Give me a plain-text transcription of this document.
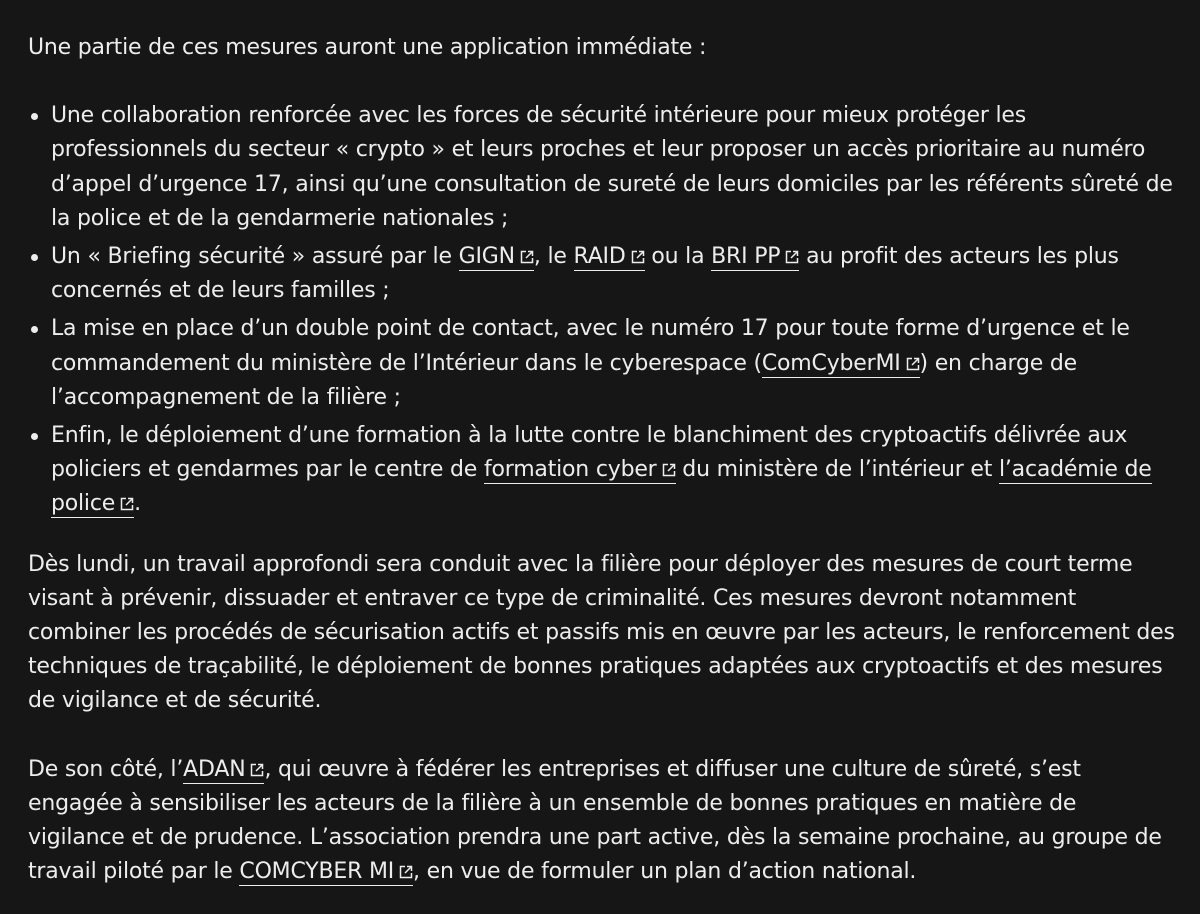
Une partie de ces mesures auront une application immédiate :

Une collaboration renforcée avec les forces de sécurité intérieure pour mieux protéger les professionnels du secteur « crypto » et leurs proches et leur proposer un accès prioritaire au numéro d’appel d’urgence 17, ainsi qu’une consultation de sureté de leurs domiciles par les référents sûreté de la police et de la gendarmerie nationales ;
Un « Briefing sécurité » assuré par le GIGN , le RAID
ou la BRI PP
au profit des acteurs les plus concernés et de leurs familles ;
La mise en place d’un double point de contact, avec le numéro 17 pour toute forme d’urgence et le commandement du ministère de l’Intérieur dans le cyberespace (ComCyberMI ) en charge de l’accompagnement de la filière ;
Enfin, le déploiement d’une formation à la lutte contre le blanchiment des cryptoactifs délivrée aux policiers et gendarmes par le centre de formation cyber
du ministère de l’intérieur et l’académie de police .

Dès lundi, un travail approfondi sera conduit avec la filière pour déployer des mesures de court terme visant à prévenir, dissuader et entraver ce type de criminalité. Ces mesures devront notamment combiner les procédés de sécurisation actifs et passifs mis en œuvre par les acteurs, le renforcement des techniques de traçabilité, le déploiement de bonnes pratiques adaptées aux cryptoactifs et des mesures de vigilance et de sécurité.

De son côté, l’ADAN , qui œuvre à fédérer les entreprises et diffuser une culture de sûreté, s’est engagée à sensibiliser les acteurs de la filière à un ensemble de bonnes pratiques en matière de vigilance et de prudence. L’association prendra une part active, dès la semaine prochaine, au groupe de travail piloté par le COMCYBER MI , en vue de formuler un plan d’action national.
